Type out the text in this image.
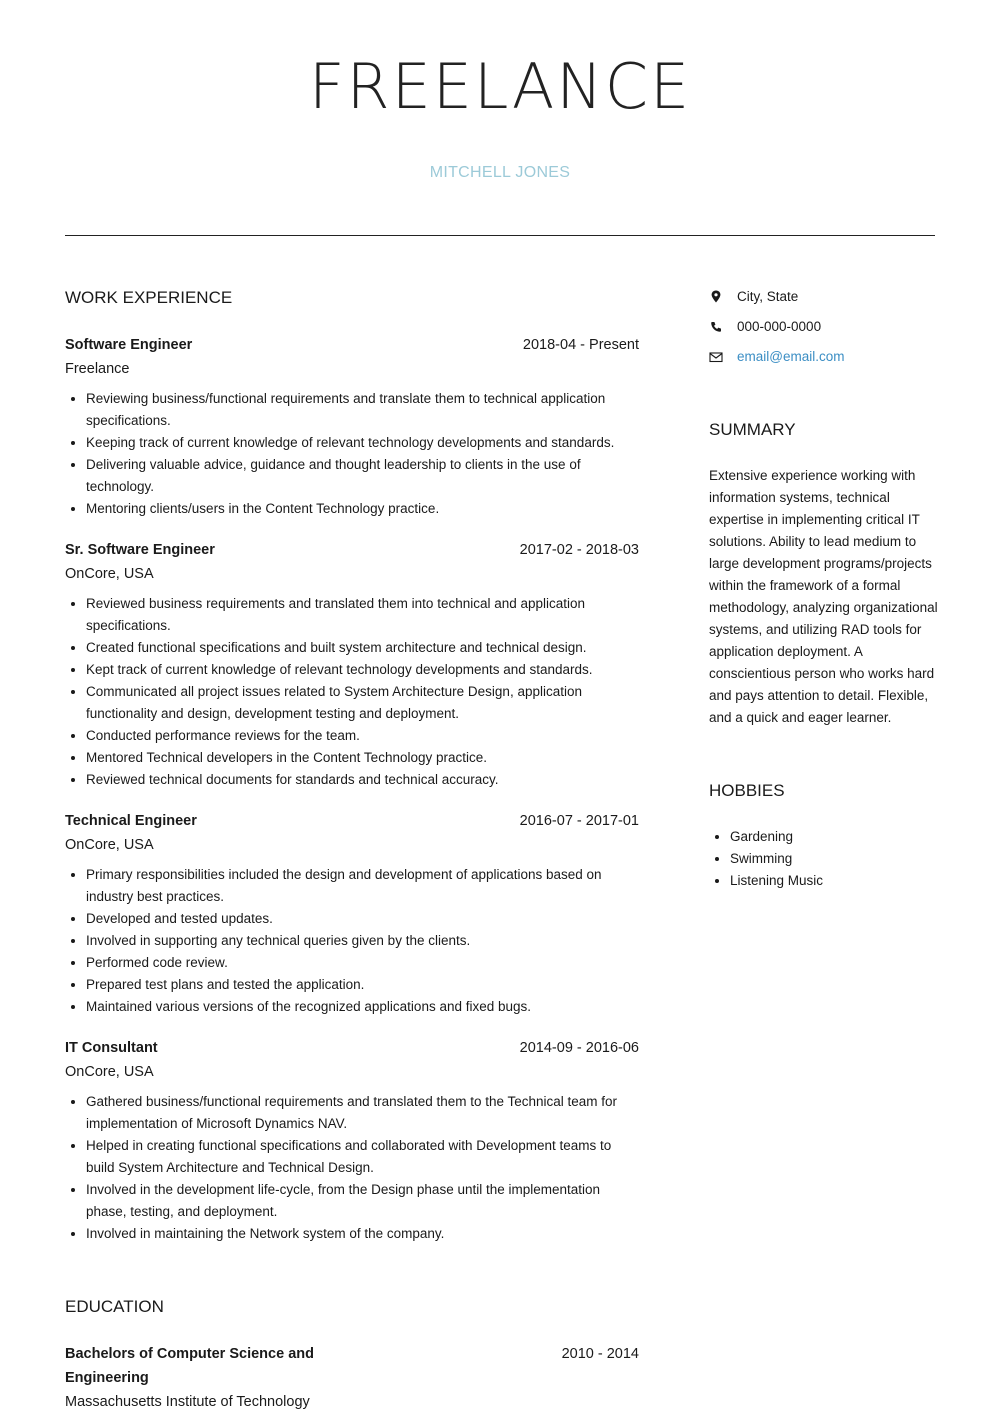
FREELANCE
MITCHELL JONES
WORK EXPERIENCE
Software Engineer	2018-04 - Present
Freelance
• Reviewing business/functional requirements and translate them to technical application specifications.
• Keeping track of current knowledge of relevant technology developments and standards.
• Delivering valuable advice, guidance and thought leadership to clients in the use of technology.
• Mentoring clients/users in the Content Technology practice.
Sr. Software Engineer	2017-02 - 2018-03
OnCore, USA
• Reviewed business requirements and translated them into technical and application specifications.
• Created functional specifications and built system architecture and technical design.
• Kept track of current knowledge of relevant technology developments and standards.
• Communicated all project issues related to System Architecture Design, application functionality and design, development testing and deployment.
• Conducted performance reviews for the team.
• Mentored Technical developers in the Content Technology practice.
• Reviewed technical documents for standards and technical accuracy.
Technical Engineer	2016-07 - 2017-01
OnCore, USA
• Primary responsibilities included the design and development of applications based on industry best practices.
• Developed and tested updates.
• Involved in supporting any technical queries given by the clients.
• Performed code review.
• Prepared test plans and tested the application.
• Maintained various versions of the recognized applications and fixed bugs.
IT Consultant	2014-09 - 2016-06
OnCore, USA
• Gathered business/functional requirements and translated them to the Technical team for implementation of Microsoft Dynamics NAV.
• Helped in creating functional specifications and collaborated with Development teams to build System Architecture and Technical Design.
• Involved in the development life-cycle, from the Design phase until the implementation phase, testing, and deployment.
• Involved in maintaining the Network system of the company.
EDUCATION
Bachelors of Computer Science and Engineering
2010 - 2014
Massachusetts Institute of Technology
City, State
000-000-0000
email@email.com
SUMMARY

Extensive experience working with information systems, technical expertise in implementing critical IT solutions. Ability to lead medium to large development programs/projects within the framework of a formal methodology, analyzing organizational systems, and utilizing RAD tools for application deployment. A conscientious person who works hard and pays attention to detail. Flexible, and a quick and eager learner.

HOBBIES
• Gardening
• Swimming
• Listening Music
